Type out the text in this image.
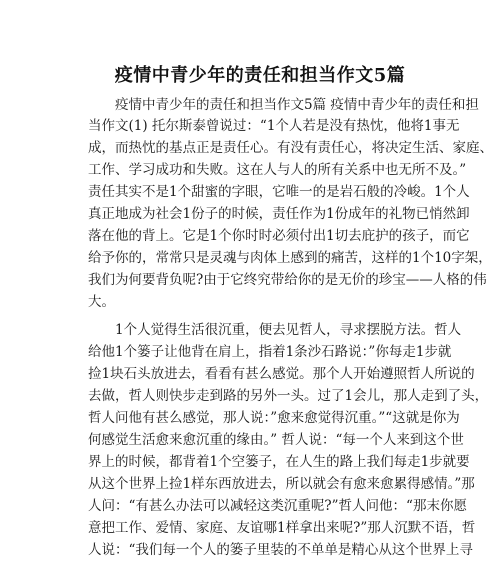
疫情中青少年的责任和担当作文5篇
　　疫情中青少年的责任和担当作文5篇 疫情中青少年的责任和担
当作文(1) 托尔斯泰曾说过：“1个人若是没有热忱，他将1事无
成，而热忱的基点正是责任心。有没有责任心，将决定生活、家庭、
工作、学习成功和失败。这在人与人的所有关系中也无所不及。”
责任其实不是1个甜蜜的字眼，它唯一的是岩石般的冷峻。1个人
真正地成为社会1份子的时候，责任作为1份成年的礼物已悄然卸
落在他的背上。它是1个你时时必须付出1切去庇护的孩子，而它
给予你的，常常只是灵魂与肉体上感到的痛苦，这样的1个10字架，
我们为何要背负呢?由于它终究带给你的是无价的珍宝——人格的伟
大。
　　1个人觉得生活很沉重，便去见哲人，寻求摆脱方法。哲人
给他1个篓子让他背在肩上，指着1条沙石路说：”你每走1步就
捡1块石头放进去，看看有甚么感觉。那个人开始遵照哲人所说的
去做，哲人则快步走到路的另外一头。过了1会儿，那人走到了头，
哲人问他有甚么感觉，那人说：”愈来愈觉得沉重。”“这就是你为
何感觉生活愈来愈沉重的缘由。” 哲人说：“每一个人来到这个世
界上的时候，都背着1个空篓子，在人生的路上我们每走1步就要
从这个世界上捡1样东西放进去，所以就会有愈来愈累得感情。”那
人问：“有甚么办法可以减轻这类沉重呢?”哲人问他：“那末你愿
意把工作、爱情、家庭、友谊哪1样拿出来呢?”那人沉默不语，哲
人说：“我们每一个人的篓子里装的不单单是精心从这个世界上寻
